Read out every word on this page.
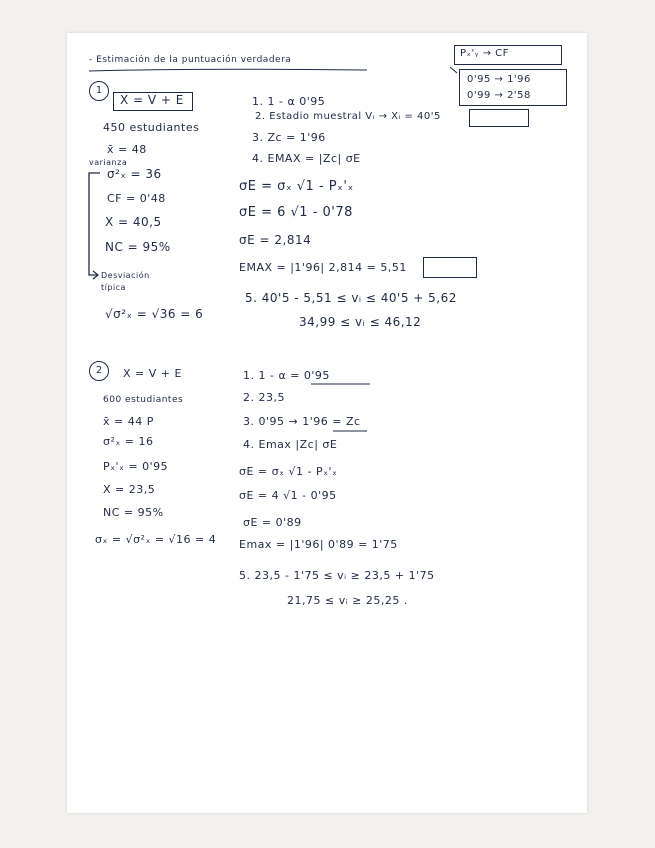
- Estimación de la puntuación verdadera
Pₓ'ᵧ → CF
0'95 → 1'96
0'99 → 2'58
1
X = V + E
450 estudiantes
x̄ = 48
varianza
σ²ₓ = 36
CF = 0'48
X = 40,5
NC = 95%
Desviación típica
√σ²ₓ = √36 = 6
1. 1 - α 0'95
2. Estadio muestral Vᵢ → Xᵢ = 40'5
3. Zc = 1'96
4. EMAX = |Zc| σE
σE = σₓ √1 - Pₓ'ₓ
σE = 6 √1 - 0'78
σE = 2,814
EMAX = |1'96| 2,814 = 5,51
5. 40'5 - 5,51 ≤ vᵢ ≤ 40'5 + 5,62
34,99 ≤ vᵢ ≤ 46,12
2	X = V + E
600 estudiantes
x̄ = 44 P
σ²ₓ = 16
Pₓ'ₓ = 0'95
X = 23,5
NC = 95%
σₓ = √σ²ₓ = √16 = 4
1. 1 - α = 0'95
2. 23,5
3. 0'95 → 1'96 = Zc
4. Emax |Zc| σE
σE = σₓ √1 - Pₓ'ₓ
σE = 4 √1 - 0'95
σE = 0'89
Emax = |1'96| 0'89 = 1'75
5. 23,5 - 1'75 ≤ vᵢ ≥ 23,5 + 1'75
21,75 ≤ vᵢ ≥ 25,25 .
